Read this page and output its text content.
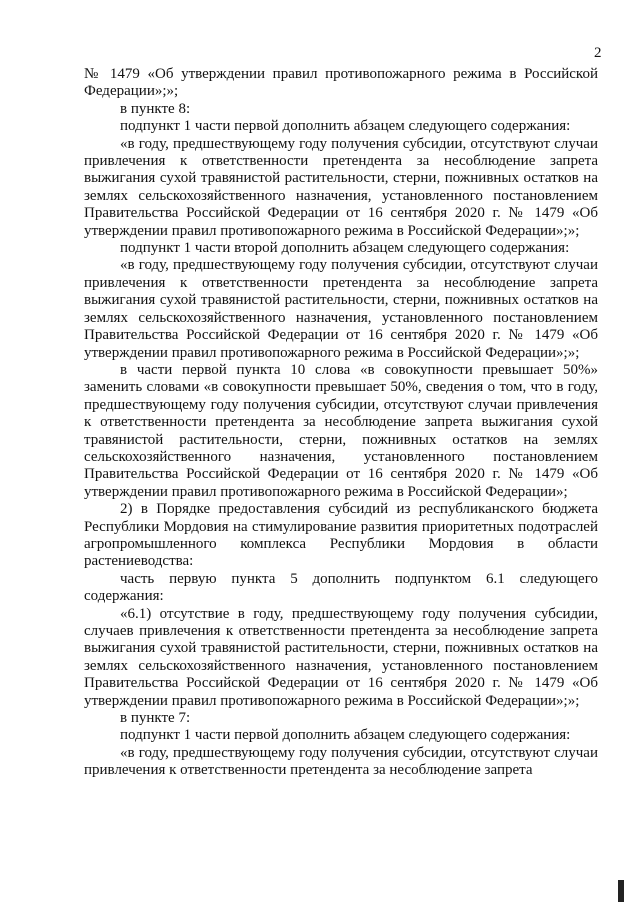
2

№ 1479 «Об утверждении правил противопожарного режима в Российской Федерации»;»;

в пункте 8:

подпункт 1 части первой дополнить абзацем следующего содержания:

«в году, предшествующему году получения субсидии, отсутствуют случаи привлечения к ответственности претендента за несоблюдение запрета выжигания сухой травянистой растительности, стерни, пожнивных остатков на землях сельскохозяйственного назначения, установленного постановлением Правительства Российской Федерации от 16 сентября 2020 г. № 1479 «Об утверждении правил противопожарного режима в Российской Федерации»;»;

подпункт 1 части второй дополнить абзацем следующего содержания:

«в году, предшествующему году получения субсидии, отсутствуют случаи привлечения к ответственности претендента за несоблюдение запрета выжигания сухой травянистой растительности, стерни, пожнивных остатков на землях сельскохозяйственного назначения, установленного постановлением Правительства Российской Федерации от 16 сентября 2020 г. № 1479 «Об утверждении правил противопожарного режима в Российской Федерации»;»;

в части первой пункта 10 слова «в совокупности превышает 50%» заменить словами «в совокупности превышает 50%, сведения о том, что в году, предшествующему году получения субсидии, отсутствуют случаи привлечения к ответственности претендента за несоблюдение запрета выжигания сухой травянистой растительности, стерни, пожнивных остатков на землях сельскохозяйственного назначения, установленного постановлением Правительства Российской Федерации от 16 сентября 2020 г. № 1479 «Об утверждении правил противопожарного режима в Российской Федерации»;

2) в Порядке предоставления субсидий из республиканского бюджета Республики Мордовия на стимулирование развития приоритетных подотраслей агропромышленного комплекса Республики Мордовия в области растениеводства:

часть первую пункта 5 дополнить подпунктом 6.1 следующего содержания:

«6.1) отсутствие в году, предшествующему году получения субсидии, случаев привлечения к ответственности претендента за несоблюдение запрета выжигания сухой травянистой растительности, стерни, пожнивных остатков на землях сельскохозяйственного назначения, установленного постановлением Правительства Российской Федерации от 16 сентября 2020 г. № 1479 «Об утверждении правил противопожарного режима в Российской Федерации»;»;

в пункте 7:

подпункт 1 части первой дополнить абзацем следующего содержания:

«в году, предшествующему году получения субсидии, отсутствуют случаи привлечения к ответственности претендента за несоблюдение запрета
